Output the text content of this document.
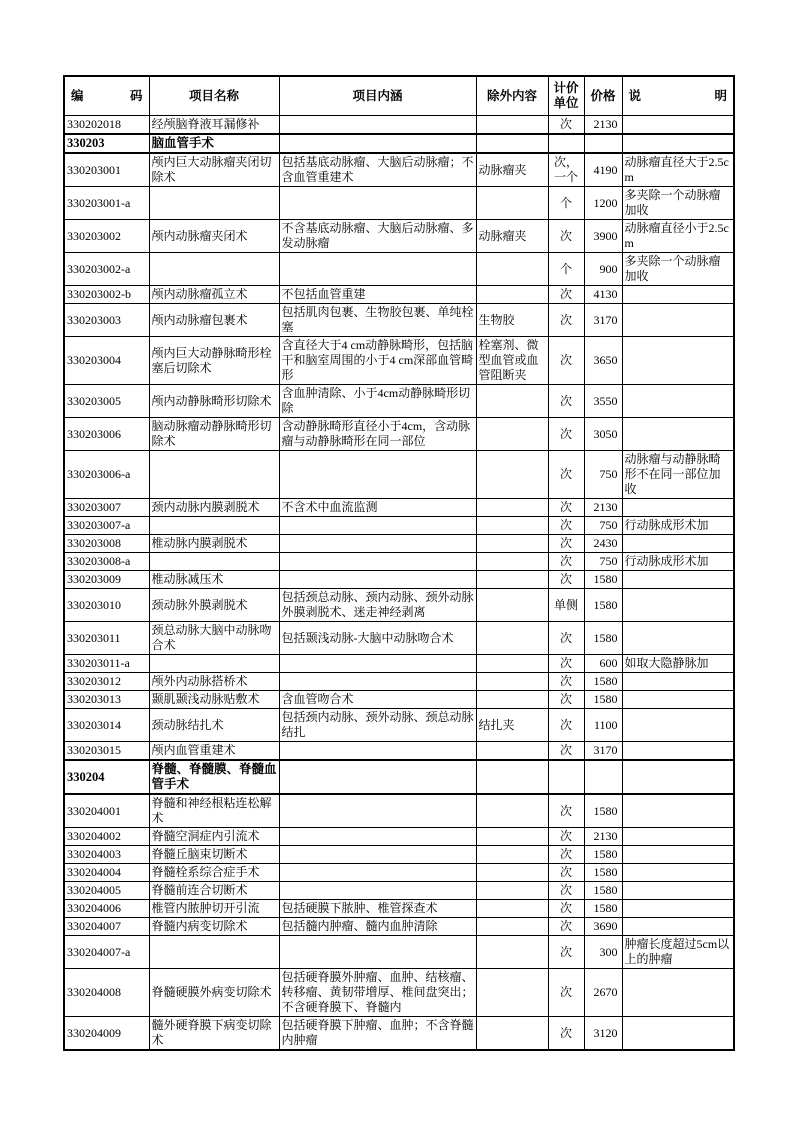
编 码	项目名称	项目内涵	除外内容	计价单位	价格	说 明
330202018	经颅脑脊液耳漏修补			次	2130	
330203	脑血管手术					
330203001	颅内巨大动脉瘤夹闭切除术	包括基底动脉瘤、大脑后动脉瘤；不含血管重建术	动脉瘤夹	次，一个	4190	动脉瘤直径大于2.5cm
330203001-a				个	1200	多夹除一个动脉瘤加收
330203002	颅内动脉瘤夹闭术	不含基底动脉瘤、大脑后动脉瘤、多发动脉瘤	动脉瘤夹	次	3900	动脉瘤直径小于2.5cm
330203002-a				个	900	多夹除一个动脉瘤加收
330203002-b	颅内动脉瘤孤立术	不包括血管重建		次	4130	
330203003	颅内动脉瘤包裹术	包括肌肉包裹、生物胶包裹、单纯栓塞	生物胶	次	3170	
330203004	颅内巨大动静脉畸形栓塞后切除术	含直径大于4 cm动静脉畸形，包括脑干和脑室周围的小于4 cm深部血管畸形	栓塞剂、微型血管或血管阻断夹	次	3650	
330203005	颅内动静脉畸形切除术	含血肿清除、小于4cm动静脉畸形切除		次	3550	
330203006	脑动脉瘤动静脉畸形切除术	含动静脉畸形直径小于4cm，含动脉瘤与动静脉畸形在同一部位		次	3050	
330203006-a				次	750	动脉瘤与动静脉畸形不在同一部位加收
330203007	颈内动脉内膜剥脱术	不含术中血流监测		次	2130	
330203007-a				次	750	行动脉成形术加
330203008	椎动脉内膜剥脱术			次	2430	
330203008-a				次	750	行动脉成形术加
330203009	椎动脉减压术			次	1580	
330203010	颈动脉外膜剥脱术	包括颈总动脉、颈内动脉、颈外动脉外膜剥脱术、迷走神经剥离		单侧	1580	
330203011	颈总动脉大脑中动脉吻合术	包括颞浅动脉-大脑中动脉吻合术		次	1580	
330203011-a				次	600	如取大隐静脉加
330203012	颅外内动脉搭桥术			次	1580	
330203013	颞肌颞浅动脉贴敷术	含血管吻合术		次	1580	
330203014	颈动脉结扎术	包括颈内动脉、颈外动脉、颈总动脉结扎	结扎夹	次	1100	
330203015	颅内血管重建术			次	3170	
330204	脊髓、脊髓膜、脊髓血管手术					
330204001	脊髓和神经根粘连松解术			次	1580	
330204002	脊髓空洞症内引流术			次	2130	
330204003	脊髓丘脑束切断术			次	1580	
330204004	脊髓栓系综合症手术			次	1580	
330204005	脊髓前连合切断术			次	1580	
330204006	椎管内脓肿切开引流	包括硬膜下脓肿、椎管探查术		次	1580	
330204007	脊髓内病变切除术	包括髓内肿瘤、髓内血肿清除		次	3690	
330204007-a				次	300	肿瘤长度超过5cm以上的肿瘤
330204008	脊髓硬膜外病变切除术	包括硬脊膜外肿瘤、血肿、结核瘤、转移瘤、黄韧带增厚、椎间盘突出；不含硬脊膜下、脊髓内		次	2670	
330204009	髓外硬脊膜下病变切除术	包括硬脊膜下肿瘤、血肿；不含脊髓内肿瘤		次	3120	
